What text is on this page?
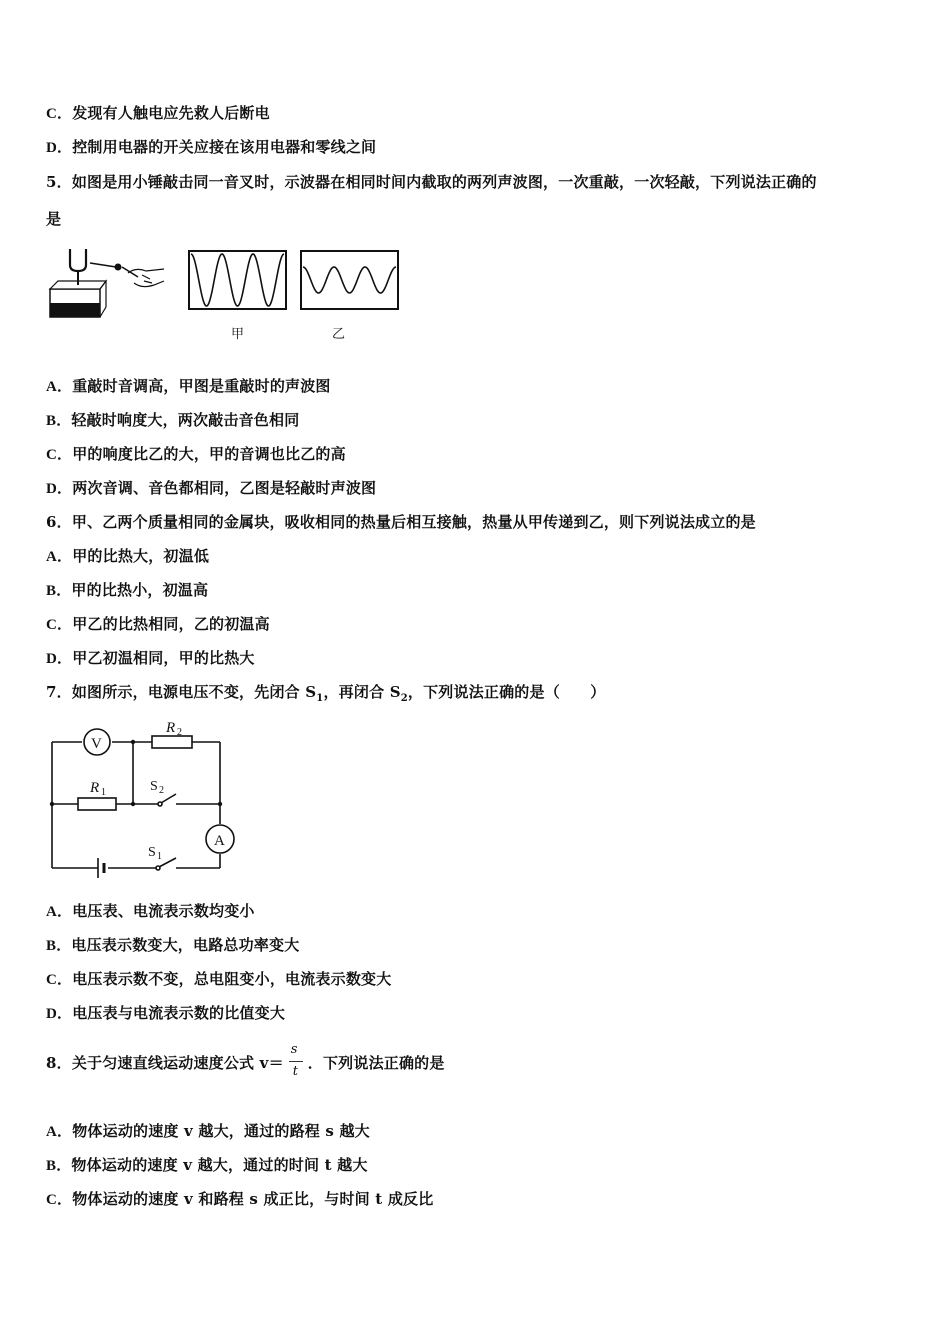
C．发现有人触电应先救人后断电
D．控制用电器的开关应接在该用电器和零线之间
5．如图是用小锤敲击同一音叉时，示波器在相同时间内截取的两列声波图，一次重敲，一次轻敲，下列说法正确的
是
甲	乙
A．重敲时音调高，甲图是重敲时的声波图
B．轻敲时响度大，两次敲击音色相同
C．甲的响度比乙的大，甲的音调也比乙的高
D．两次音调、音色都相同，乙图是轻敲时声波图
6．甲、乙两个质量相同的金属块，吸收相同的热量后相互接触，热量从甲传递到乙，则下列说法成立的是
A．甲的比热大，初温低
B．甲的比热小，初温高
C．甲乙的比热相同，乙的初温高
D．甲乙初温相同，甲的比热大
7．如图所示，电源电压不变，先闭合 $S_1$，再闭合 $S_2$，下列说法正确的是（　　）
V
R 2
R 1	S 2
A
S 1
A．电压表、电流表示数均变小
B．电压表示数变大，电路总功率变大
C．电压表示数不变，总电阻变小，电流表示数变大
D．电压表与电流表示数的比值变大
8．关于匀速直线运动速度公式 $v= \frac{s}{t}$ ．下列说法正确的是
A．物体运动的速度 v 越大，通过的路程 s 越大
B．物体运动的速度 v 越大，通过的时间 t 越大
C．物体运动的速度 v 和路程 s 成正比，与时间 t 成反比
